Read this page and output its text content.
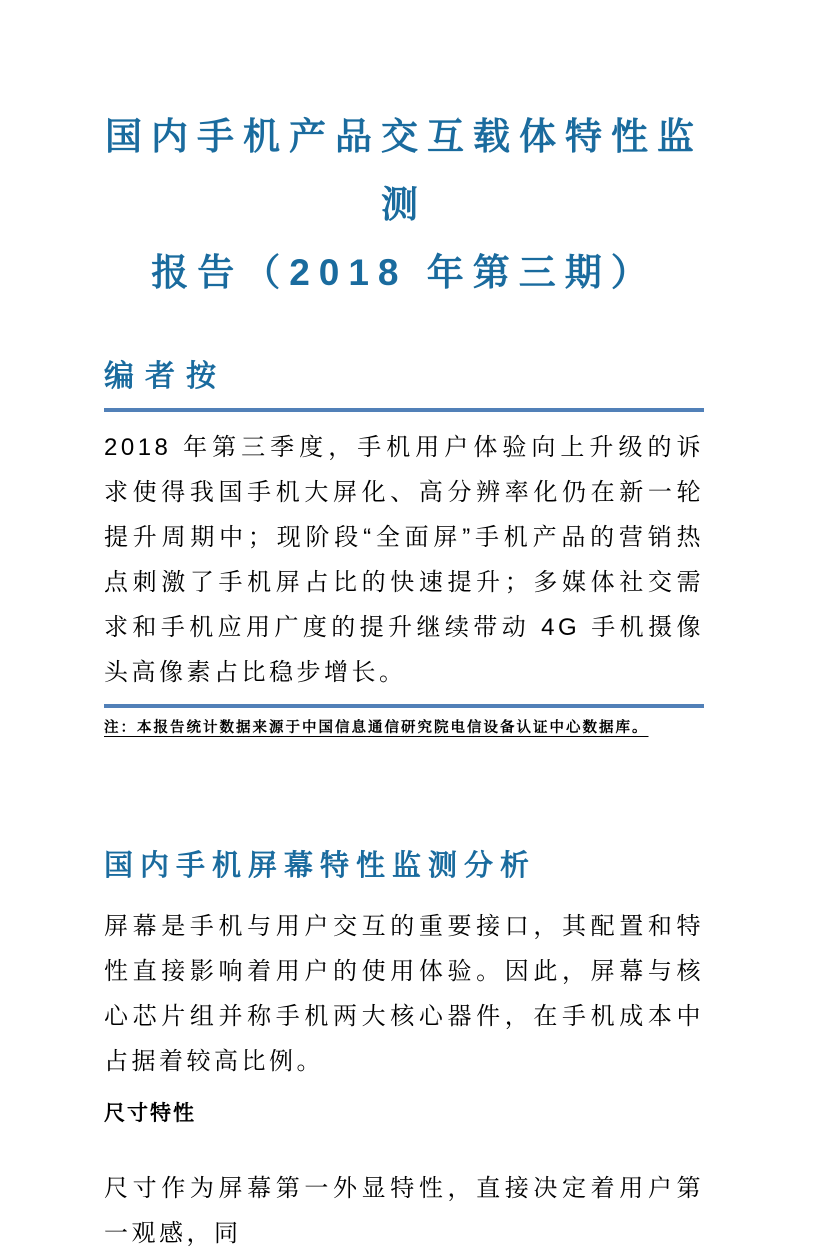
国内手机产品交互载体特性监测
报告（2018 年第三期）
编者按

2018 年第三季度，手机用户体验向上升级的诉求使得我国手机大屏化、高分辨率化仍在新一轮提升周期中；现阶段“全面屏”手机产品的营销热点刺激了手机屏占比的快速提升；多媒体社交需求和手机应用广度的提升继续带动 4G 手机摄像头高像素占比稳步增长。

注：本报告统计数据来源于中国信息通信研究院电信设备认证中心数据库。

国内手机屏幕特性监测分析

屏幕是手机与用户交互的重要接口，其配置和特性直接影响着用户的使用体验。因此，屏幕与核心芯片组并称手机两大核心器件，在手机成本中占据着较高比例。

尺寸特性

尺寸作为屏幕第一外显特性，直接决定着用户第一观感，同
